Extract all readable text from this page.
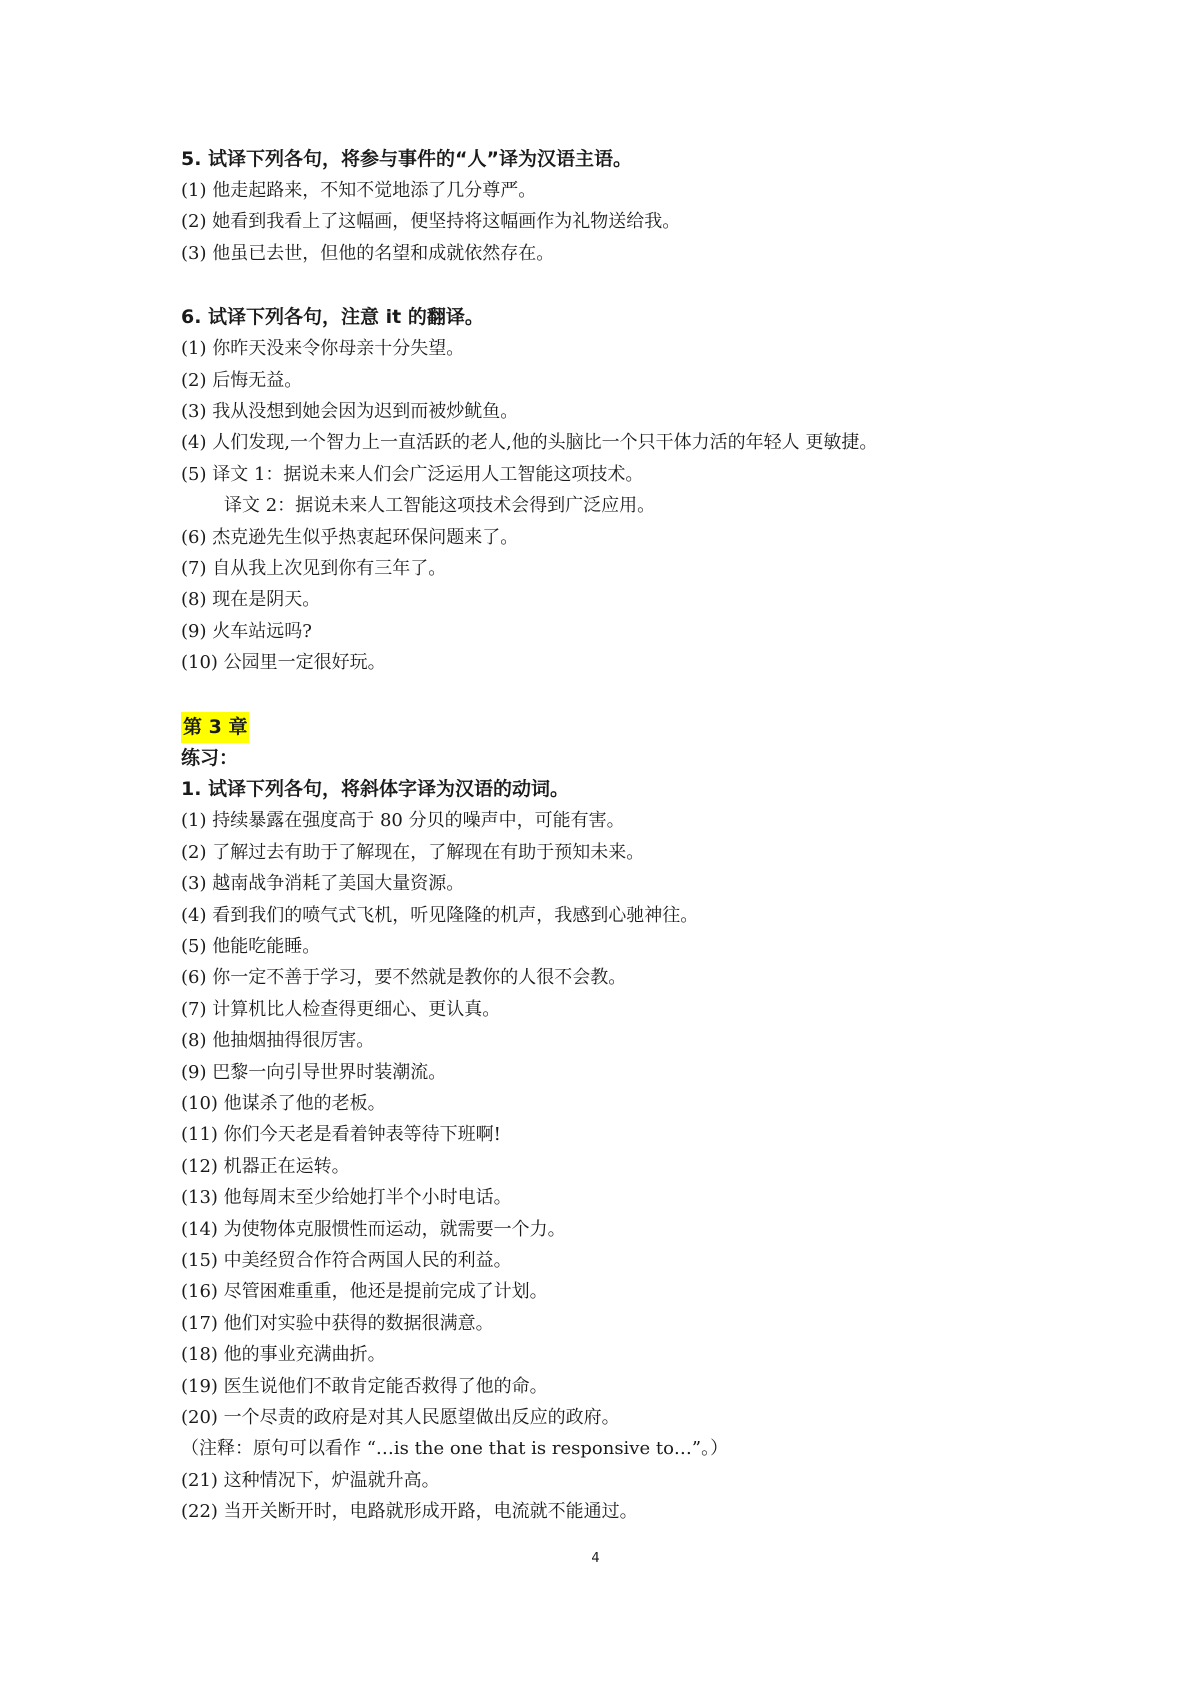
5. 试译下列各句，将参与事件的“人”译为汉语主语。
(1) 他走起路来，不知不觉地添了几分尊严。
(2) 她看到我看上了这幅画，便坚持将这幅画作为礼物送给我。
(3) 他虽已去世，但他的名望和成就依然存在。
6. 试译下列各句，注意 it 的翻译。
(1) 你昨天没来令你母亲十分失望。
(2) 后悔无益。
(3) 我从没想到她会因为迟到而被炒鱿鱼。
(4) 人们发现,一个智力上一直活跃的老人,他的头脑比一个只干体力活的年轻人 更敏捷。
(5) 译文 1：据说未来人们会广泛运用人工智能这项技术。
译文 2：据说未来人工智能这项技术会得到广泛应用。
(6) 杰克逊先生似乎热衷起环保问题来了。
(7) 自从我上次见到你有三年了。
(8) 现在是阴天。
(9) 火车站远吗?
(10) 公园里一定很好玩。
第 3 章
练习：
1. 试译下列各句，将斜体字译为汉语的动词。
(1) 持续暴露在强度高于 80 分贝的噪声中，可能有害。
(2) 了解过去有助于了解现在，了解现在有助于预知未来。
(3) 越南战争消耗了美国大量资源。
(4) 看到我们的喷气式飞机，听见隆隆的机声，我感到心驰神往。
(5) 他能吃能睡。
(6) 你一定不善于学习，要不然就是教你的人很不会教。
(7) 计算机比人检查得更细心、更认真。
(8) 他抽烟抽得很厉害。
(9) 巴黎一向引导世界时装潮流。
(10) 他谋杀了他的老板。
(11) 你们今天老是看着钟表等待下班啊!
(12) 机器正在运转。
(13) 他每周末至少给她打半个小时电话。
(14) 为使物体克服惯性而运动，就需要一个力。
(15) 中美经贸合作符合两国人民的利益。
(16) 尽管困难重重，他还是提前完成了计划。
(17) 他们对实验中获得的数据很满意。
(18) 他的事业充满曲折。
(19) 医生说他们不敢肯定能否救得了他的命。
(20) 一个尽责的政府是对其人民愿望做出反应的政府。
（注释：原句可以看作 “…is the one that is responsive to…”。）
(21) 这种情况下，炉温就升高。
(22) 当开关断开时，电路就形成开路，电流就不能通过。
4
